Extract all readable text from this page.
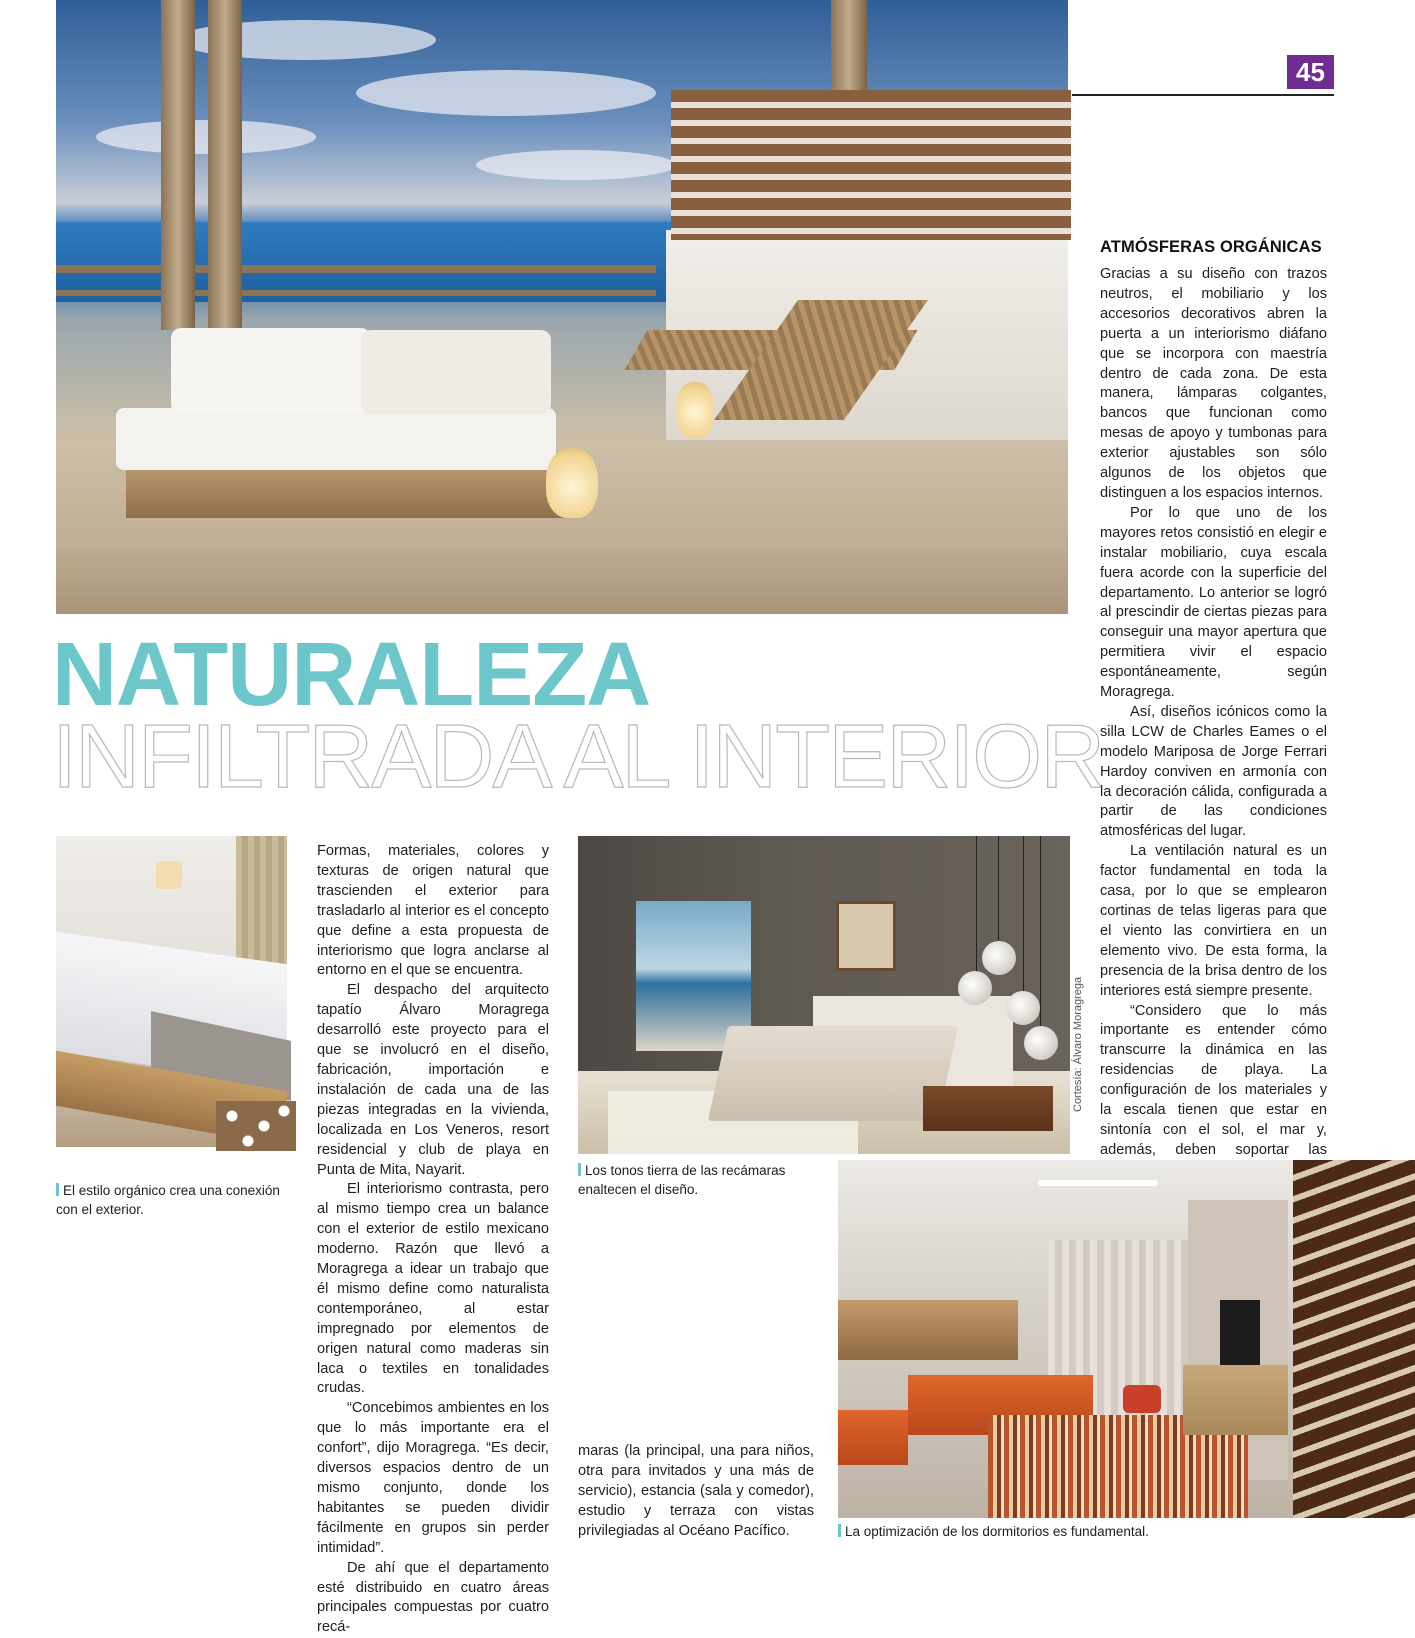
45
NATURALEZA
INFILTRADA AL INTERIOR
ATMÓSFERAS ORGÁNICAS

Gracias a su diseño con trazos neutros, el mobiliario y los accesorios decorativos abren la puerta a un interiorismo diáfano que se incorpora con maestría dentro de cada zona. De esta manera, lámparas colgantes, bancos que funcionan como mesas de apoyo y tumbonas para exterior ajustables son sólo algunos de los objetos que distinguen a los espacios internos.

Por lo que uno de los mayores retos consistió en elegir e instalar mobiliario, cuya escala fuera acorde con la superficie del departamento. Lo anterior se logró al prescindir de ciertas piezas para conseguir una mayor apertura que permitiera vivir el espacio espontáneamente, según Moragrega.

Así, diseños icónicos como la silla LCW de Charles Eames o el modelo Mariposa de Jorge Ferrari Hardoy conviven en armonía con la decoración cálida, configurada a partir de las condiciones atmosféricas del lugar.

La ventilación natural es un factor fundamental en toda la casa, por lo que se emplearon cortinas de telas ligeras para que el viento las convirtiera en un elemento vivo. De esta forma, la presencia de la brisa dentro de los interiores está siempre presente.

“Considero que lo más importante es entender cómo transcurre la dinámica en las residencias de playa. La configuración de los materiales y la escala tienen que estar en sintonía con el sol, el mar y, además, deben soportar las

El estilo orgánico crea una conexión con el exterior.

Formas, materiales, colores y texturas de origen natural que trascienden el exterior para trasladarlo al interior es el concepto que define a esta propuesta de interiorismo que logra anclarse al entorno en el que se encuentra.

El despacho del arquitecto tapatío Álvaro Moragrega desarrolló este proyecto para el que se involucró en el diseño, fabricación, importación e instalación de cada una de las piezas integradas en la vivienda, localizada en Los Veneros, resort residencial y club de playa en Punta de Mita, Nayarit.

El interiorismo contrasta, pero al mismo tiempo crea un balance con el exterior de estilo mexicano moderno. Razón que llevó a Moragrega a idear un trabajo que él mismo define como naturalista contemporáneo, al estar impregnado por elementos de origen natural como maderas sin laca o textiles en tonalidades crudas.

“Concebimos ambientes en los que lo más importante era el confort”, dijo Moragrega. “Es decir, diversos espacios dentro de un mismo conjunto, donde los habitantes se pueden dividir fácilmente en grupos sin perder intimidad”.

De ahí que el departamento esté distribuido en cuatro áreas principales compuestas por cuatro recá-

maras (la principal, una para niños, otra para invitados y una más de servicio), estancia (sala y comedor), estudio y terraza con vistas privilegiadas al Océano Pacífico.
Los tonos tierra de las recámaras enaltecen el diseño.
Cortesía: Álvaro Moragrega
La optimización de los dormitorios es fundamental.
